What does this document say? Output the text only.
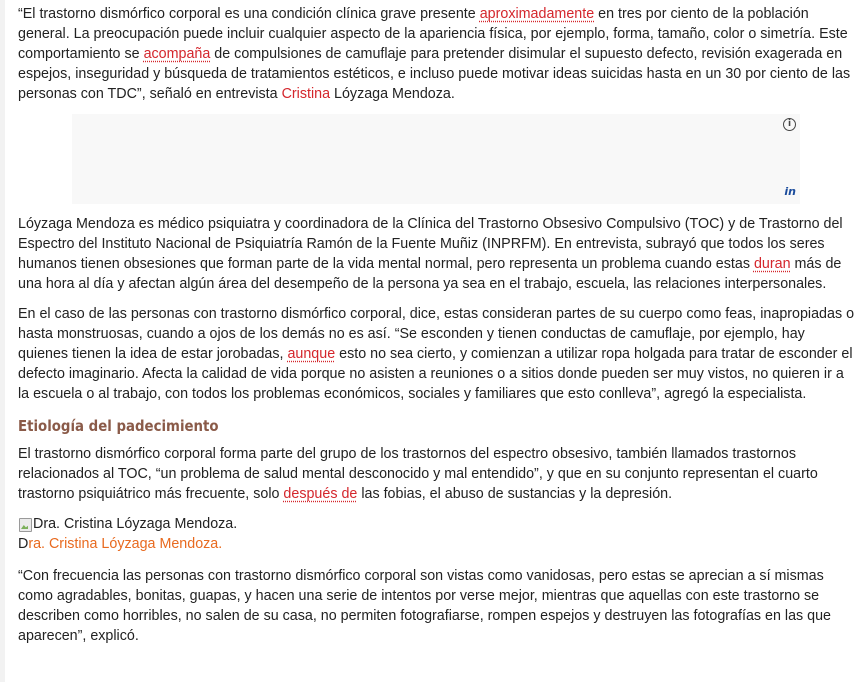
“El trastorno dismórfico corporal es una condición clínica grave presente aproximadamente en tres por ciento de la población general. La preocupación puede incluir cualquier aspecto de la apariencia física, por ejemplo, forma, tamaño, color o simetría. Este comportamiento se acompaña de compulsiones de camuflaje para pretender disimular el supuesto defecto, revisión exagerada en espejos, inseguridad y búsqueda de tratamientos estéticos, e incluso puede motivar ideas suicidas hasta en un 30 por ciento de las personas con TDC”, señaló en entrevista Cristina Lóyzaga Mendoza.

i
in

Lóyzaga Mendoza es médico psiquiatra y coordinadora de la Clínica del Trastorno Obsesivo Compulsivo (TOC) y de Trastorno del Espectro del Instituto Nacional de Psiquiatría Ramón de la Fuente Muñiz (INPRFM). En entrevista, subrayó que todos los seres humanos tienen obsesiones que forman parte de la vida mental normal, pero representa un problema cuando estas duran más de una hora al día y afectan algún área del desempeño de la persona ya sea en el trabajo, escuela, las relaciones interpersonales.

En el caso de las personas con trastorno dismórfico corporal, dice, estas consideran partes de su cuerpo como feas, inapropiadas o hasta monstruosas, cuando a ojos de los demás no es así. “Se esconden y tienen conductas de camuflaje, por ejemplo, hay quienes tienen la idea de estar jorobadas, aunque esto no sea cierto, y comienzan a utilizar ropa holgada para tratar de esconder el defecto imaginario. Afecta la calidad de vida porque no asisten a reuniones o a sitios donde pueden ser muy vistos, no quieren ir a la escuela o al trabajo, con todos los problemas económicos, sociales y familiares que esto conlleva”, agregó la especialista.

Etiología del padecimiento

El trastorno dismórfico corporal forma parte del grupo de los trastornos del espectro obsesivo, también llamados trastornos relacionados al TOC, “un problema de salud mental desconocido y mal entendido”, y que en su conjunto representan el cuarto trastorno psiquiátrico más frecuente, solo después de las fobias, el abuso de sustancias y la depresión.

Dra. Cristina Lóyzaga Mendoza.
Dra. Cristina Lóyzaga Mendoza.

“Con frecuencia las personas con trastorno dismórfico corporal son vistas como vanidosas, pero estas se aprecian a sí mismas como agradables, bonitas, guapas, y hacen una serie de intentos por verse mejor, mientras que aquellas con este trastorno se describen como horribles, no salen de su casa, no permiten fotografiarse, rompen espejos y destruyen las fotografías en las que aparecen”, explicó.
